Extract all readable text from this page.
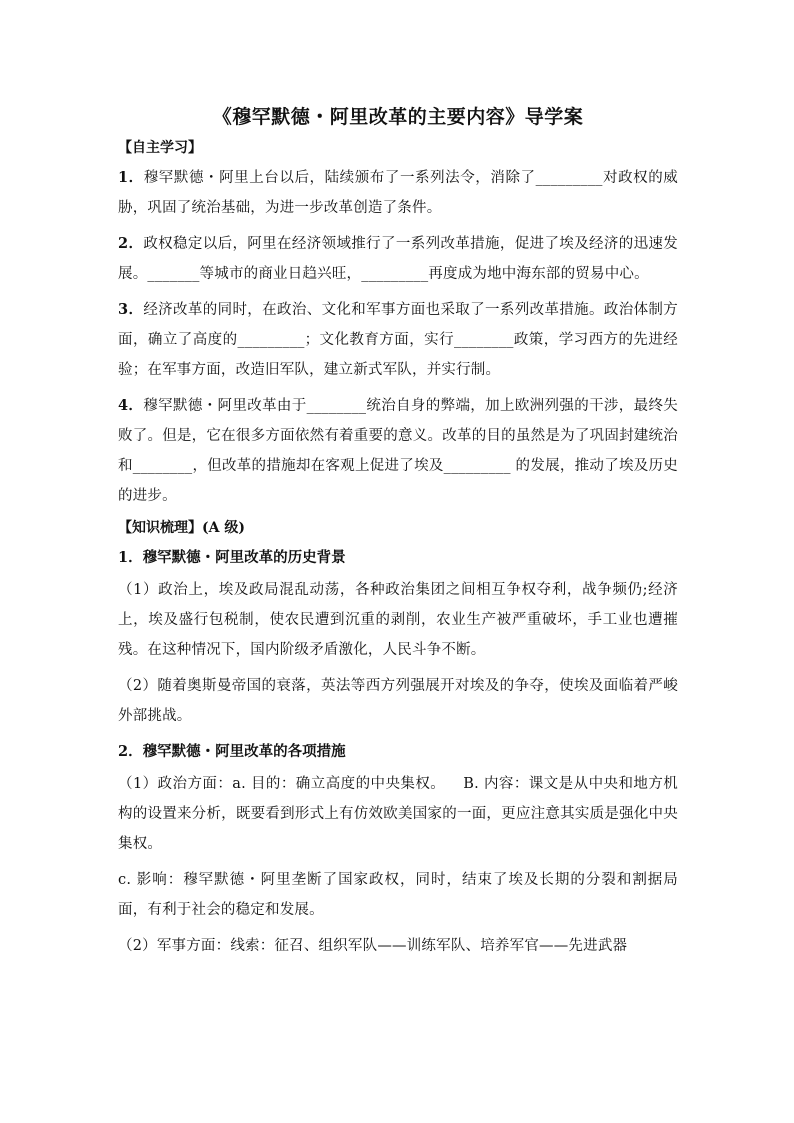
《穆罕默德・阿里改革的主要内容》导学案
【自主学习】

1．穆罕默德・阿里上台以后，陆续颁布了一系列法令，消除了_________对政权的威胁，巩固了统治基础，为进一步改革创造了条件。

2．政权稳定以后，阿里在经济领域推行了一系列改革措施，促进了埃及经济的迅速发展。_______等城市的商业日趋兴旺，_________再度成为地中海东部的贸易中心。

3．经济改革的同时，在政治、文化和军事方面也采取了一系列改革措施。政治体制方面，确立了高度的_________；文化教育方面，实行________政策，学习西方的先进经验；在军事方面，改造旧军队，建立新式军队，并实行制。

4．穆罕默德・阿里改革由于________统治自身的弊端，加上欧洲列强的干涉，最终失败了。但是，它在很多方面依然有着重要的意义。改革的目的虽然是为了巩固封建统治和________，但改革的措施却在客观上促进了埃及_________ 的发展，推动了埃及历史的进步。

【知识梳理】(A 级)
1．穆罕默德・阿里改革的历史背景

（1）政治上，埃及政局混乱动荡，各种政治集团之间相互争权夺利，战争频仍;经济上，埃及盛行包税制，使农民遭到沉重的剥削，农业生产被严重破坏，手工业也遭摧残。在这种情况下，国内阶级矛盾激化，人民斗争不断。

（2）随着奥斯曼帝国的衰落，英法等西方列强展开对埃及的争夺，使埃及面临着严峻外部挑战。

2．穆罕默德・阿里改革的各项措施

（1）政治方面：a. 目的：确立高度的中央集权。 B. 内容：课文是从中央和地方机构的设置来分析，既要看到形式上有仿效欧美国家的一面，更应注意其实质是强化中央集权。

c. 影响：穆罕默德・阿里垄断了国家政权，同时，结束了埃及长期的分裂和割据局面，有利于社会的稳定和发展。

（2）军事方面：线索：征召、组织军队——训练军队、培养军官——先进武器
